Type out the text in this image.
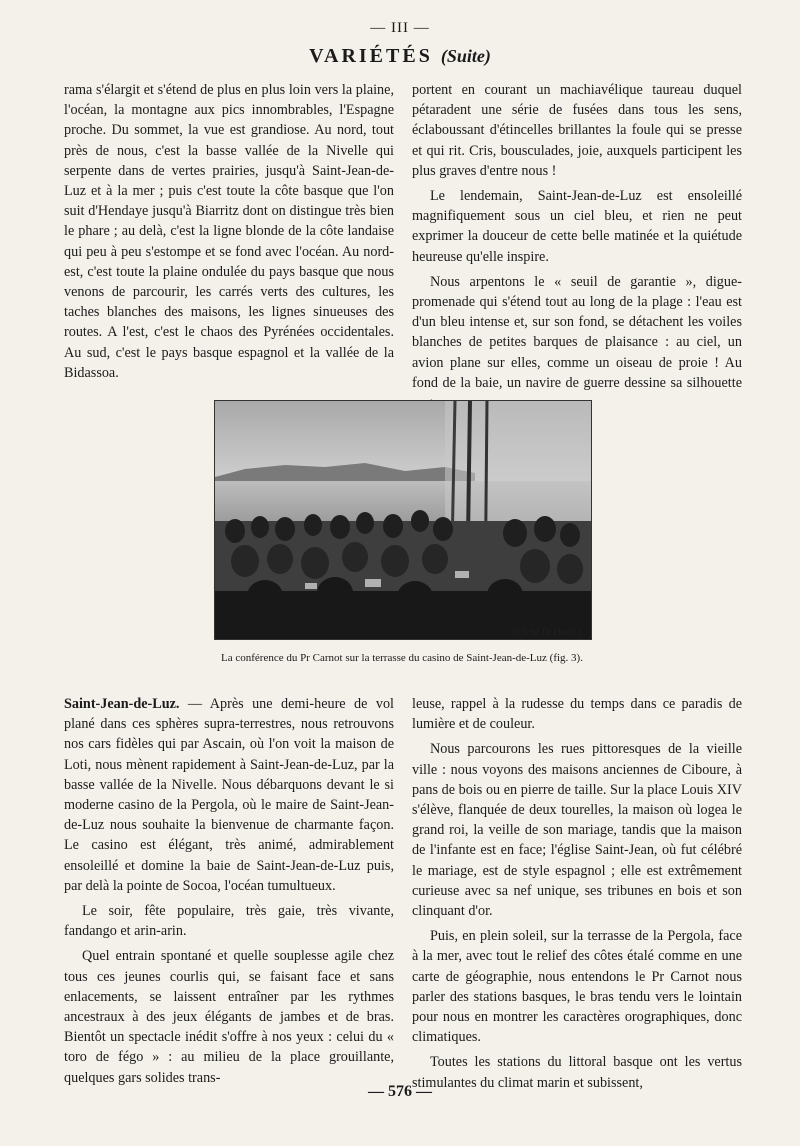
— III —
VARIÉTÉS (Suite)

rama s'élargit et s'étend de plus en plus loin vers la plaine, l'océan, la montagne aux pics innombrables, l'Espagne proche. Du sommet, la vue est grandiose. Au nord, tout près de nous, c'est la basse vallée de la Nivelle qui serpente dans de vertes prairies, jusqu'à Saint-Jean-de-Luz et à la mer ; puis c'est toute la côte basque que l'on suit d'Hendaye jusqu'à Biarritz dont on distingue très bien le phare ; au delà, c'est la ligne blonde de la côte landaise qui peu à peu s'estompe et se fond avec l'océan. Au nord-est, c'est toute la plaine ondulée du pays basque que nous venons de parcourir, les carrés verts des cultures, les taches blanches des maisons, les lignes sinueuses des routes. A l'est, c'est le chaos des Pyrénées occidentales. Au sud, c'est le pays basque espagnol et la vallée de la Bidassoa.

portent en courant un machiavélique taureau duquel pétaradent une série de fusées dans tous les sens, éclaboussant d'étincelles brillantes la foule qui se presse et qui rit. Cris, bousculades, joie, auxquels participent les plus graves d'entre nous !

Le lendemain, Saint-Jean-de-Luz est ensoleillé magnifiquement sous un ciel bleu, et rien ne peut exprimer la douceur de cette belle matinée et la quiétude heureuse qu'elle inspire.

Nous arpentons le « seuil de garantie », digue-promenade qui s'étend tout au long de la plage : l'eau est d'un bleu intense et, sur son fond, se détachent les voiles blanches de petites barques de plaisance : au ciel, un avion plane sur elles, comme un oiseau de proie ! Au fond de la baie, un navire de guerre dessine sa silhouette

(Cliché Dr David.)
La conférence du Pr Carnot sur la terrasse du casino de Saint-Jean-de-Luz (fig. 3).

Saint-Jean-de-Luz. — Après une demi-heure de vol plané dans ces sphères supra-terrestres, nous retrouvons nos cars fidèles qui par Ascain, où l'on voit la maison de Loti, nous mènent rapidement à Saint-Jean-de-Luz, par la basse vallée de la Nivelle. Nous débarquons devant le si moderne casino de la Pergola, où le maire de Saint-Jean-de-Luz nous souhaite la bienvenue de charmante façon. Le casino est élégant, très animé, admirablement ensoleillé et domine la baie de Saint-Jean-de-Luz puis, par delà la pointe de Socoa, l'océan tumultueux.

Le soir, fête populaire, très gaie, très vivante, fandango et arin-arin.

Quel entrain spontané et quelle souplesse agile chez tous ces jeunes courlis qui, se faisant face et sans enlacements, se laissent entraîner par les rythmes ancestraux à des jeux élégants de jambes et de bras. Bientôt un spectacle inédit s'offre à nos yeux : celui du « toro de fégo » : au milieu de la place grouillante, quelques gars solides trans-

leuse, rappel à la rudesse du temps dans ce paradis de lumière et de couleur.

Nous parcourons les rues pittoresques de la vieille ville : nous voyons des maisons anciennes de Ciboure, à pans de bois ou en pierre de taille. Sur la place Louis XIV s'élève, flanquée de deux tourelles, la maison où logea le grand roi, la veille de son mariage, tandis que la maison de l'infante est en face; l'église Saint-Jean, où fut célébré le mariage, est de style espagnol ; elle est extrêmement curieuse avec sa nef unique, ses tribunes en bois et son clinquant d'or.

Puis, en plein soleil, sur la terrasse de la Pergola, face à la mer, avec tout le relief des côtes étalé comme en une carte de géographie, nous entendons le Pr Carnot nous parler des stations basques, le bras tendu vers le lointain pour nous en montrer les caractères orographiques, donc climatiques.

Toutes les stations du littoral basque ont les vertus stimulantes du climat marin et subissent,

— 576 —
